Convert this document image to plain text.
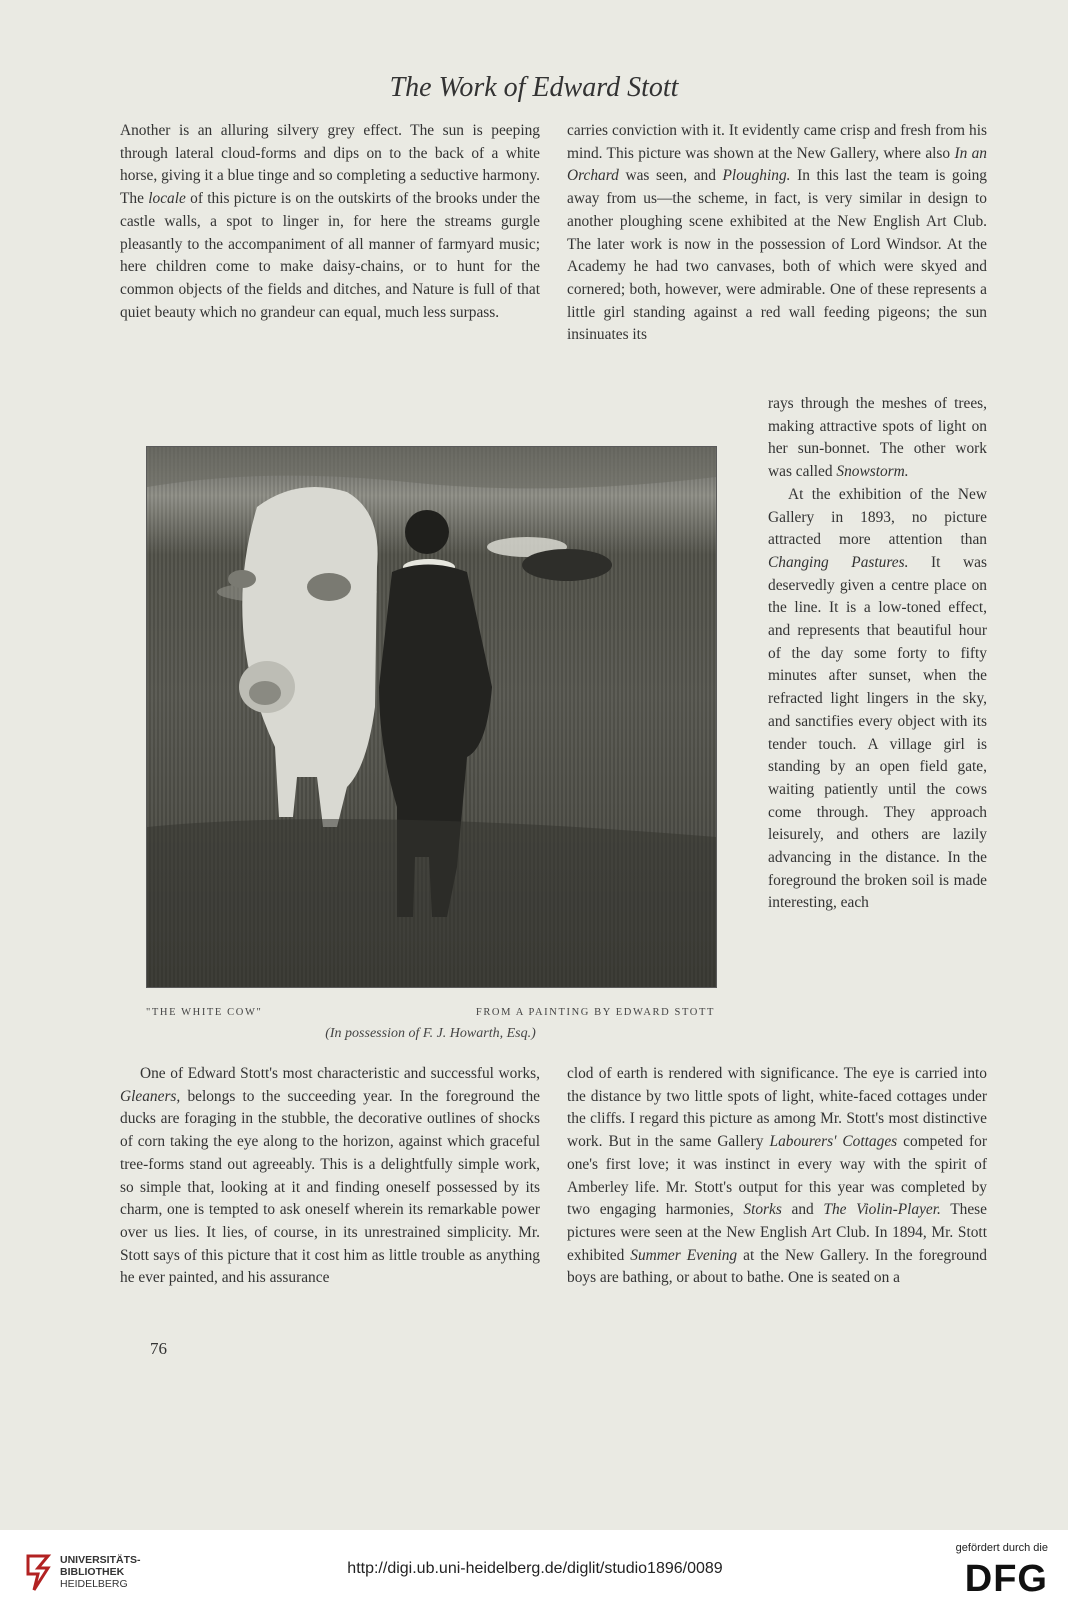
The Work of Edward Stott

Another is an alluring silvery grey effect. The sun is peeping through lateral cloud-forms and dips on to the back of a white horse, giving it a blue tinge and so completing a seductive harmony. The locale of this picture is on the outskirts of the brooks under the castle walls, a spot to linger in, for here the streams gurgle pleasantly to the accompaniment of all manner of farmyard music; here children come to make daisy-chains, or to hunt for the common objects of the fields and ditches, and Nature is full of that quiet beauty which no grandeur can equal, much less surpass.

carries conviction with it. It evidently came crisp and fresh from his mind. This picture was shown at the New Gallery, where also In an Orchard was seen, and Ploughing. In this last the team is going away from us—the scheme, in fact, is very similar in design to another ploughing scene exhibited at the New English Art Club. The later work is now in the possession of Lord Windsor. At the Academy he had two canvases, both of which were skyed and cornered; both, however, were admirable. One of these represents a little girl standing against a red wall feeding pigeons; the sun insinuates its

rays through the meshes of trees, making attractive spots of light on her sun-bonnet. The other work was called Snowstorm.

At the exhibition of the New Gallery in 1893, no picture attracted more attention than Changing Pastures. It was deservedly given a centre place on the line. It is a low-toned effect, and represents that beautiful hour of the day some forty to fifty minutes after sunset, when the refracted light lingers in the sky, and sanctifies every object with its tender touch. A village girl is standing by an open field gate, waiting patiently until the cows come through. They approach leisurely, and others are lazily advancing in the distance. In the foreground the broken soil is made interesting, each

"THE WHITE COW"	FROM A PAINTING BY EDWARD STOTT
(In possession of F. J. Howarth, Esq.)

One of Edward Stott's most characteristic and successful works, Gleaners, belongs to the succeeding year. In the foreground the ducks are foraging in the stubble, the decorative outlines of shocks of corn taking the eye along to the horizon, against which graceful tree-forms stand out agreeably. This is a delightfully simple work, so simple that, looking at it and finding oneself possessed by its charm, one is tempted to ask oneself wherein its remarkable power over us lies. It lies, of course, in its unrestrained simplicity. Mr. Stott says of this picture that it cost him as little trouble as anything he ever painted, and his assurance

clod of earth is rendered with significance. The eye is carried into the distance by two little spots of light, white-faced cottages under the cliffs. I regard this picture as among Mr. Stott's most distinctive work. But in the same Gallery Labourers' Cottages competed for one's first love; it was instinct in every way with the spirit of Amberley life. Mr. Stott's output for this year was completed by two engaging harmonies, Storks and The Violin-Player. These pictures were seen at the New English Art Club. In 1894, Mr. Stott exhibited Summer Evening at the New Gallery. In the foreground boys are bathing, or about to bathe. One is seated on a

76
UNIVERSITÄTS-
BIBLIOTHEK
HEIDELBERG
http://digi.ub.uni-heidelberg.de/diglit/studio1896/0089
gefördert durch die
DFG
